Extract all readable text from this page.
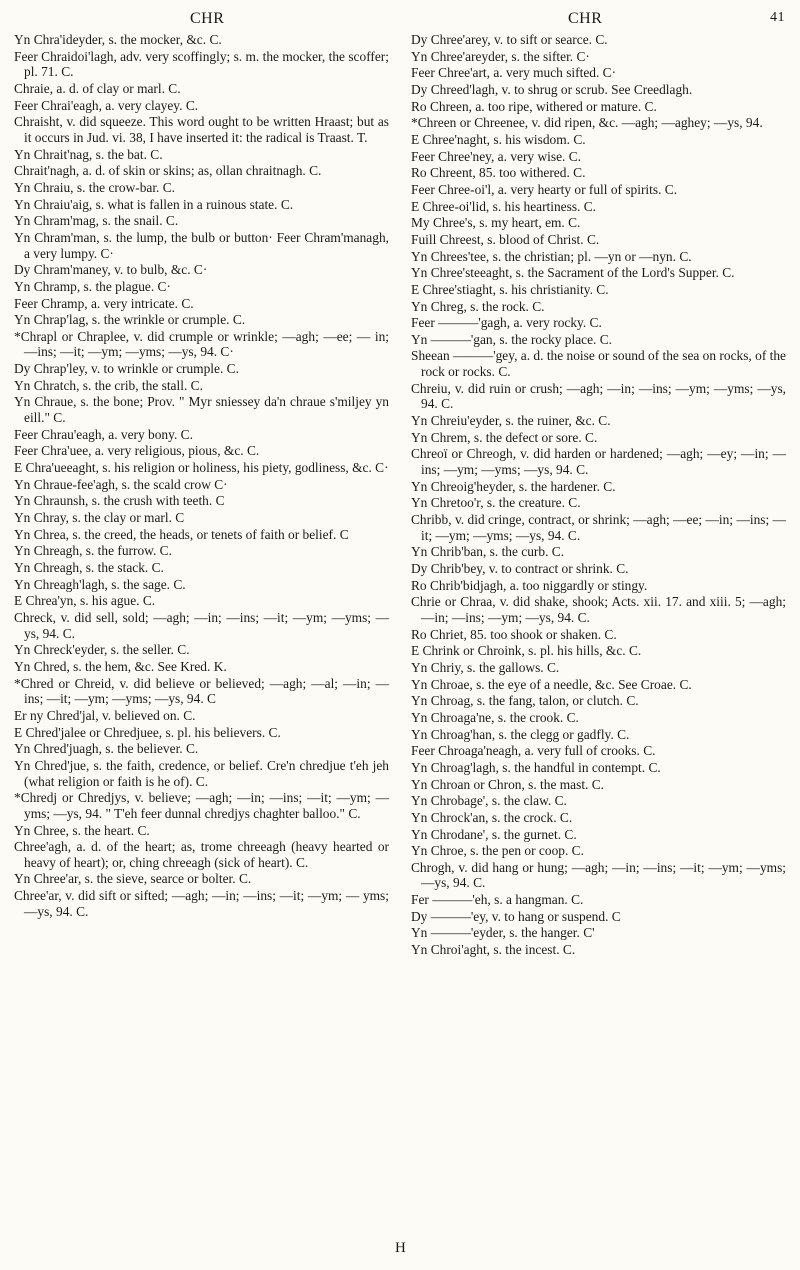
CHR	CHR	41

Yn Chra'ideyder, s. the mocker, &c. C.

Feer Chraidoi'lagh, adv. very scoffingly; s. m. the mocker, the scoffer; pl. 71. C.

Chraie, a. d. of clay or marl. C.

Feer Chrai'eagh, a. very clayey. C.

Chraisht, v. did squeeze. This word ought to be written Hraast; but as it occurs in Jud. vi. 38, I have inserted it: the radical is Traast. T.

Yn Chrait'nag, s. the bat. C.

Chrait'nagh, a. d. of skin or skins; as, ollan chraitnagh. C.

Yn Chraiu, s. the crow-bar. C.

Yn Chraiu'aig, s. what is fallen in a ruinous state. C.

Yn Chram'mag, s. the snail. C.

Yn Chram'man, s. the lump, the bulb or button· Feer Chram'managh, a very lumpy. C·

Dy Chram'maney, v. to bulb, &c. C·

Yn Chramp, s. the plague. C·

Feer Chramp, a. very intricate. C.

Yn Chrap'lag, s. the wrinkle or crumple. C.

*Chrapl or Chraplee, v. did crumple or wrinkle; —agh; —ee; — in; —ins; —it; —ym; —yms; —ys, 94. C·

Dy Chrap'ley, v. to wrinkle or crumple. C.

Yn Chratch, s. the crib, the stall. C.

Yn Chraue, s. the bone; Prov. " Myr sniessey da'n chraue s'miljey yn eill." C.

Feer Chrau'eagh, a. very bony. C.

Feer Chra'uee, a. very religious, pious, &c. C.

E Chra'ueeaght, s. his religion or holiness, his piety, godliness, &c. C·

Yn Chraue-fee'agh, s. the scald crow C·

Yn Chraunsh, s. the crush with teeth. C

Yn Chray, s. the clay or marl. C

Yn Chrea, s. the creed, the heads, or tenets of faith or belief. C

Yn Chreagh, s. the furrow. C.

Yn Chreagh, s. the stack. C.

Yn Chreagh'lagh, s. the sage. C.

E Chrea'yn, s. his ague. C.

Chreck, v. did sell, sold; —agh; —in; —ins; —it; —ym; —yms; —ys, 94. C.

Yn Chreck'eyder, s. the seller. C.

Yn Chred, s. the hem, &c. See Kred. K.

*Chred or Chreid, v. did believe or believed; —agh; —al; —in; —ins; —it; —ym; —yms; —ys, 94. C

Er ny Chred'jal, v. believed on. C.

E Chred'jalee or Chredjuee, s. pl. his believers. C.

Yn Chred'juagh, s. the believer. C.

Yn Chred'jue, s. the faith, credence, or belief. Cre'n chredjue t'eh jeh (what religion or faith is he of). C.

*Chredj or Chredjys, v. believe; —agh; —in; —ins; —it; —ym; —yms; —ys, 94. " T'eh feer dunnal chredjys chaghter balloo." C.

Yn Chree, s. the heart. C.

Chree'agh, a. d. of the heart; as, trome chreeagh (heavy hearted or heavy of heart); or, ching chreeagh (sick of heart). C.

Yn Chree'ar, s. the sieve, searce or bolter. C.

Chree'ar, v. did sift or sifted; —agh; —in; —ins; —it; —ym; — yms; —ys, 94. C.

Dy Chree'arey, v. to sift or searce. C.

Yn Chree'areyder, s. the sifter. C·

Feer Chree'art, a. very much sifted. C·

Dy Chreed'lagh, v. to shrug or scrub. See Creedlagh.

Ro Chreen, a. too ripe, withered or mature. C.

*Chreen or Chreenee, v. did ripen, &c. —agh; —aghey; —ys, 94.

E Chree'naght, s. his wisdom. C.

Feer Chree'ney, a. very wise. C.

Ro Chreent, 85. too withered. C.

Feer Chree-oi'l, a. very hearty or full of spirits. C.

E Chree-oi'lid, s. his heartiness. C.

My Chree's, s. my heart, em. C.

Fuill Chreest, s. blood of Christ. C.

Yn Chrees'tee, s. the christian; pl. —yn or —nyn. C.

Yn Chree'steeaght, s. the Sacrament of the Lord's Supper. C.

E Chree'stiaght, s. his christianity. C.

Yn Chreg, s. the rock. C.

Feer ———'gagh, a. very rocky. C.

Yn ———'gan, s. the rocky place. C.

Sheean ———'gey, a. d. the noise or sound of the sea on rocks, of the rock or rocks. C.

Chreiu, v. did ruin or crush; —agh; —in; —ins; —ym; —yms; —ys, 94. C.

Yn Chreiu'eyder, s. the ruiner, &c. C.

Yn Chrem, s. the defect or sore. C.

Chreoï or Chreogh, v. did harden or hardened; —agh; —ey; —in; —ins; —ym; —yms; —ys, 94. C.

Yn Chreoig'heyder, s. the hardener. C.

Yn Chretoo'r, s. the creature. C.

Chribb, v. did cringe, contract, or shrink; —agh; —ee; —in; —ins; —it; —ym; —yms; —ys, 94. C.

Yn Chrib'ban, s. the curb. C.

Dy Chrib'bey, v. to contract or shrink. C.

Ro Chrib'bidjagh, a. too niggardly or stingy.

Chrie or Chraa, v. did shake, shook; Acts. xii. 17. and xiii. 5; —agh; —in; —ins; —ym; —ys, 94. C.

Ro Chriet, 85. too shook or shaken. C.

E Chrink or Chroink, s. pl. his hills, &c. C.

Yn Chriy, s. the gallows. C.

Yn Chroae, s. the eye of a needle, &c. See Croae. C.

Yn Chroag, s. the fang, talon, or clutch. C.

Yn Chroaga'ne, s. the crook. C.

Yn Chroag'han, s. the clegg or gadfly. C.

Feer Chroaga'neagh, a. very full of crooks. C.

Yn Chroag'lagh, s. the handful in contempt. C.

Yn Chroan or Chron, s. the mast. C.

Yn Chrobage', s. the claw. C.

Yn Chrock'an, s. the crock. C.

Yn Chrodane', s. the gurnet. C.

Yn Chroe, s. the pen or coop. C.

Chrogh, v. did hang or hung; —agh; —in; —ins; —it; —ym; —yms; —ys, 94. C.

Fer ———'eh, s. a hangman. C.

Dy ———'ey, v. to hang or suspend. C

Yn ———'eyder, s. the hanger. C'

Yn Chroi'aght, s. the incest. C.

H
